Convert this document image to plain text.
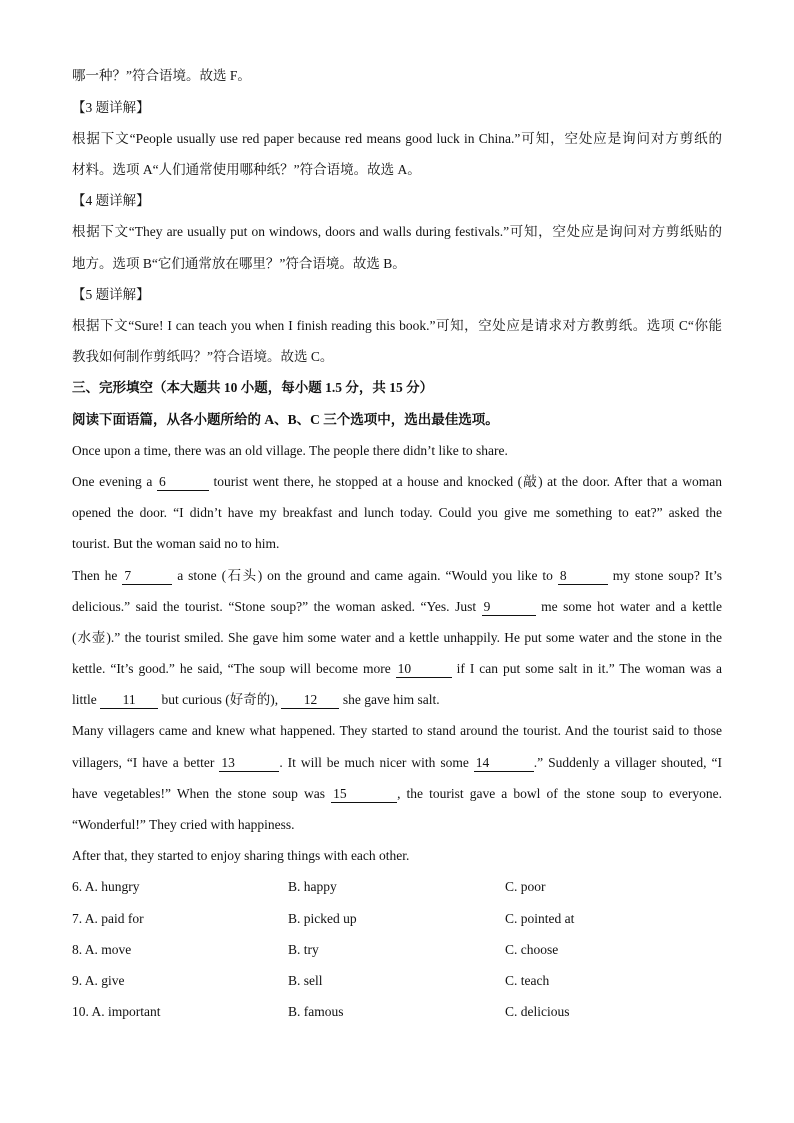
哪一种？”符合语境。故选 F。
【3 题详解】
根据下文“People usually use red paper because red means good luck in China.”可知，空处应是询问对方剪纸的
材料。选项 A“人们通常使用哪种纸？”符合语境。故选 A。
【4 题详解】
根据下文“They are usually put on windows, doors and walls during festivals.”可知，空处应是询问对方剪纸贴的
地方。选项 B“它们通常放在哪里？”符合语境。故选 B。
【5 题详解】
根据下文“Sure! I can teach you when I finish reading this book.”可知，空处应是请求对方教剪纸。选项 C“你能
教我如何制作剪纸吗？”符合语境。故选 C。
三、完形填空（本大题共 10 小题，每小题 1.5 分，共 15 分）
阅读下面语篇，从各小题所给的 A、B、C 三个选项中，选出最佳选项。
Once upon a time, there was an old village. The people there didn’t like to share.
One evening a 6	tourist went there, he stopped at a house and knocked (敲) at the door. After that a woman
opened the door. “I didn’t have my breakfast and lunch today. Could you give me something to eat?” asked the
tourist. But the woman said no to him.
Then he 7	a stone (石头) on the ground and came again. “Would you like to 8	my stone soup? It’s
delicious.” said the tourist. “Stone soup?” the woman asked. “Yes. Just 9	me some hot water and a kettle
(水壶).” the tourist smiled. She gave him some water and a kettle unhappily. He put some water and the stone in the
kettle. “It’s good.” he said, “The soup will become more 10	if I can put some salt in it.” The woman was a
little 11 but curious (好奇的), 12 she gave him salt.
Many villagers came and knew what happened. They started to stand around the tourist. And the tourist said to those
villagers, “I have a better 13	. It will be much nicer with some 14	.” Suddenly a villager shouted, “I
have vegetables!” When the stone soup was 15	, the tourist gave a bowl of the stone soup to everyone.
“Wonderful!” They cried with happiness.
After that, they started to enjoy sharing things with each other.
6. A. hungry	B. happy	C. poor
7. A. paid for	B. picked up	C. pointed at
8. A. move	B. try	C. choose
9. A. give	B. sell	C. teach
10. A. important	B. famous	C. delicious
